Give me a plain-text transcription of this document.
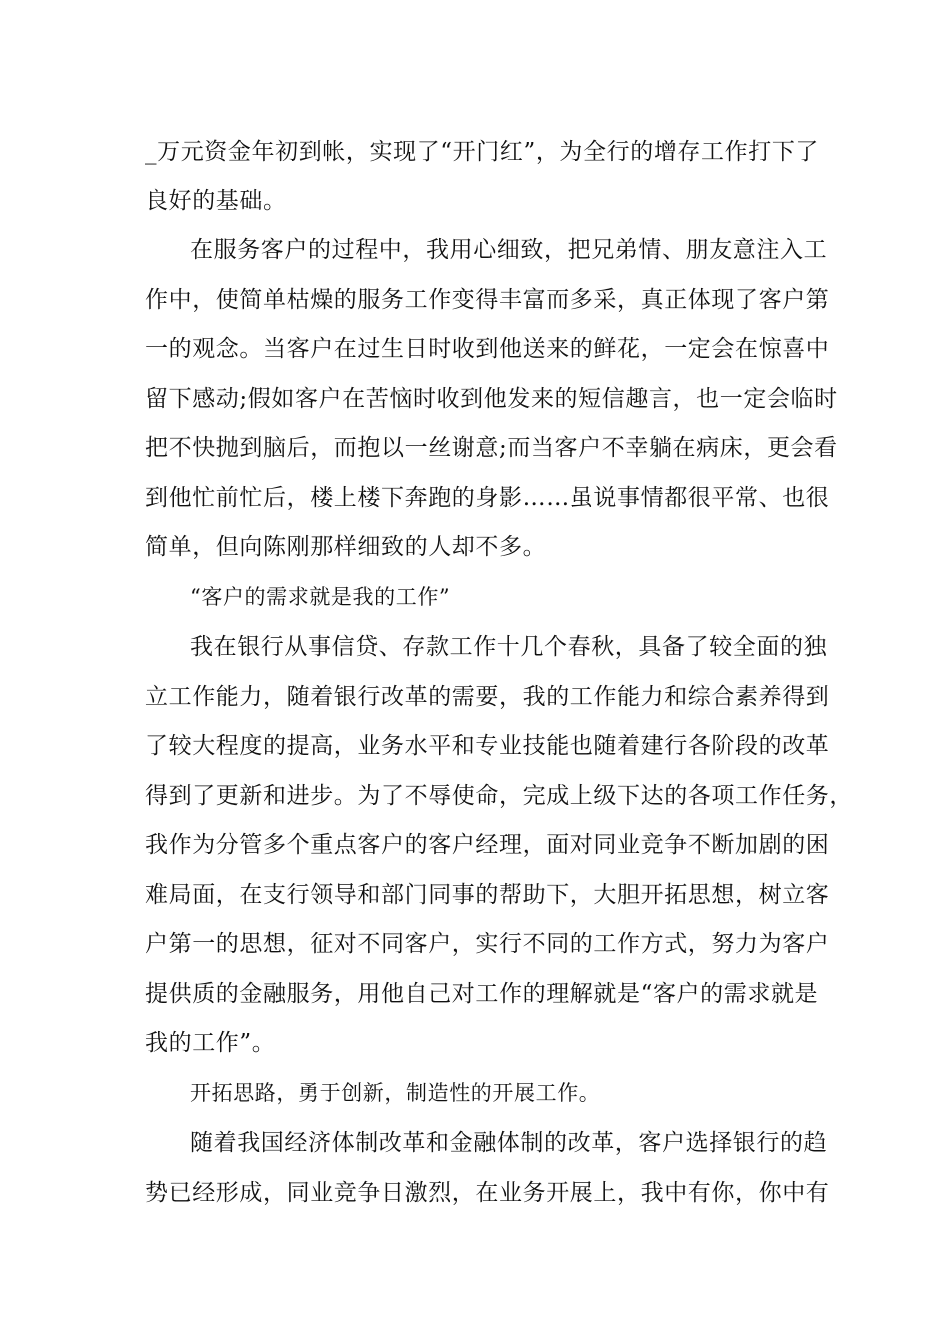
_万元资金年初到帐，实现了“开门红”，为全行的增存工作打下了
良好的基础。
在服务客户的过程中，我用心细致，把兄弟情、朋友意注入工
作中，使简单枯燥的服务工作变得丰富而多采，真正体现了客户第
一的观念。当客户在过生日时收到他送来的鲜花，一定会在惊喜中
留下感动;假如客户在苦恼时收到他发来的短信趣言，也一定会临时
把不快抛到脑后，而抱以一丝谢意;而当客户不幸躺在病床，更会看
到他忙前忙后，楼上楼下奔跑的身影……虽说事情都很平常、也很
简单，但向陈刚那样细致的人却不多。
“客户的需求就是我的工作”
我在银行从事信贷、存款工作十几个春秋，具备了较全面的独
立工作能力，随着银行改革的需要，我的工作能力和综合素养得到
了较大程度的提高，业务水平和专业技能也随着建行各阶段的改革
得到了更新和进步。为了不辱使命，完成上级下达的各项工作任务，
我作为分管多个重点客户的客户经理，面对同业竞争不断加剧的困
难局面，在支行领导和部门同事的帮助下，大胆开拓思想，树立客
户第一的思想，征对不同客户，实行不同的工作方式，努力为客户
提供质的金融服务，用他自己对工作的理解就是“客户的需求就是
我的工作”。
开拓思路，勇于创新，制造性的开展工作。
随着我国经济体制改革和金融体制的改革，客户选择银行的趋
势已经形成，同业竞争日激烈，在业务开展上，我中有你，你中有
